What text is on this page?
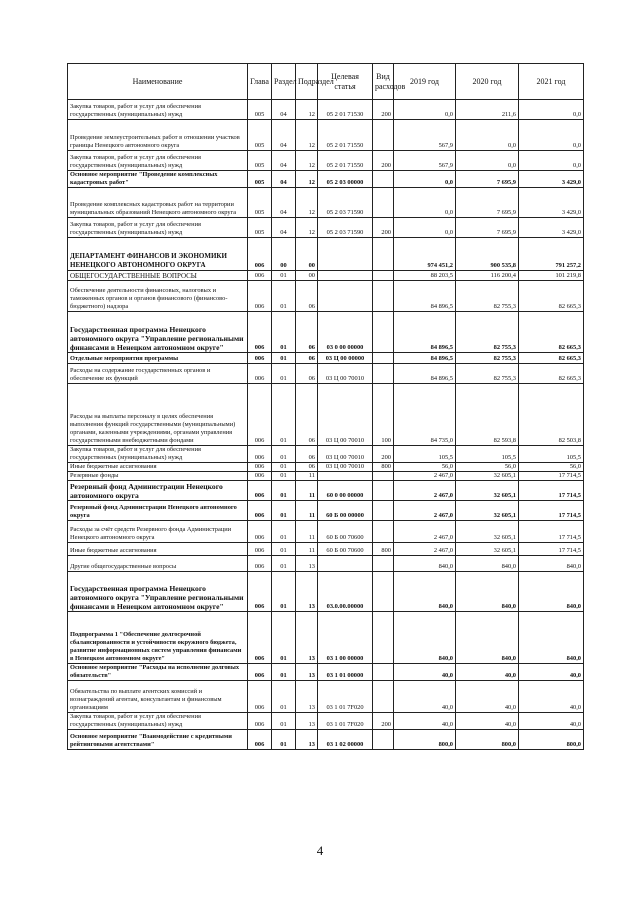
Наименование	Глава	Раздел	Подраздел	Целевая статья	Вид расходов	2019 год	2020 год	2021 год
Закупка товаров, работ и услуг для обеспечения государственных (муниципальных) нужд	005	04	12	05 2 01 71530	200	0,0	211,6	0,0
Проведение землеустроительных работ в отношении участков границы Ненецкого автономного округа	005	04	12	05 2 01 71550		567,9	0,0	0,0
Закупка товаров, работ и услуг для обеспечения государственных (муниципальных) нужд	005	04	12	05 2 01 71550	200	567,9	0,0	0,0
Основное мероприятие "Проведение комплексных кадастровых работ"	005	04	12	05 2 03 00000		0,0	7 695,9	3 429,0
Проведение комплексных кадастровых работ на территории муниципальных образований Ненецкого автономного округа	005	04	12	05 2 03 71590		0,0	7 695,9	3 429,0
Закупка товаров, работ и услуг для обеспечения государственных (муниципальных) нужд	005	04	12	05 2 03 71590	200	0,0	7 695,9	3 429,0
ДЕПАРТАМЕНТ ФИНАНСОВ И ЭКОНОМИКИ НЕНЕЦКОГО АВТОНОМНОГО ОКРУГА	006	00	00			974 451,2	900 535,8	791 257,2
ОБЩЕГОСУДАРСТВЕННЫЕ ВОПРОСЫ	006	01	00			88 203,5	116 200,4	101 219,8
Обеспечение деятельности финансовых, налоговых и таможенных органов и органов финансового (финансово-бюджетного) надзора	006	01	06			84 896,5	82 755,3	82 665,3
Государственная программа Ненецкого автономного округа "Управление региональными финансами в Ненецком автономном округе"	006	01	06	03 0 00 00000		84 896,5	82 755,3	82 665,3
Отдельные мероприятия программы	006	01	06	03 Ц 00 00000		84 896,5	82 755,3	82 665,3
Расходы на содержание государственных органов и обеспечение их функций	006	01	06	03 Ц 00 70010		84 896,5	82 755,3	82 665,3
Расходы на выплаты персоналу в целях обеспечения выполнения функций государственными (муниципальными) органами, казенными учреждениями, органами управления государственными внебюджетными фондами	006	01	06	03 Ц 00 70010	100	84 735,0	82 593,8	82 503,8
Закупка товаров, работ и услуг для обеспечения государственных (муниципальных) нужд	006	01	06	03 Ц 00 70010	200	105,5	105,5	105,5
Иные бюджетные ассигнования	006	01	06	03 Ц 00 70010	800	56,0	56,0	56,0
Резервные фонды	006	01	11			2 467,0	32 605,1	17 714,5
Резервный фонд Администрации Ненецкого автономного округа	006	01	11	60 0 00 00000		2 467,0	32 605,1	17 714,5
Резервный фонд Администрации Ненецкого автономного округа	006	01	11	60 Б 00 00000		2 467,0	32 605,1	17 714,5
Расходы за счёт средств Резервного фонда Администрации Ненецкого автономного округа	006	01	11	60 Б 00 70600		2 467,0	32 605,1	17 714,5
Иные бюджетные ассигнования	006	01	11	60 Б 00 70600	800	2 467,0	32 605,1	17 714,5
Другие общегосударственные вопросы	006	01	13			840,0	840,0	840,0
Государственная программа Ненецкого автономного округа "Управление региональными финансами в Ненецком автономном округе"	006	01	13	03.0.00.00000		840,0	840,0	840,0
Подпрограмма 1 "Обеспечение долгосрочной сбалансированности и устойчивости окружного бюджета, развитие информационных систем управления финансами в Ненецком автономном округе"	006	01	13	03 1 00 00000		840,0	840,0	840,0
Основное мероприятие "Расходы на исполнение долговых обязательств"	006	01	13	03 1 01 00000		40,0	40,0	40,0
Обязательства по выплате агентских комиссий и вознаграждений агентам, консультантам и финансовым организациям	006	01	13	03 1 01 7F020		40,0	40,0	40,0
Закупка товаров, работ и услуг для обеспечения государственных (муниципальных) нужд	006	01	13	03 1 01 7F020	200	40,0	40,0	40,0
Основное мероприятие "Взаимодействие с кредитными рейтинговыми агентствами"	006	01	13	03 1 02 00000		800,0	800,0	800,0
4
